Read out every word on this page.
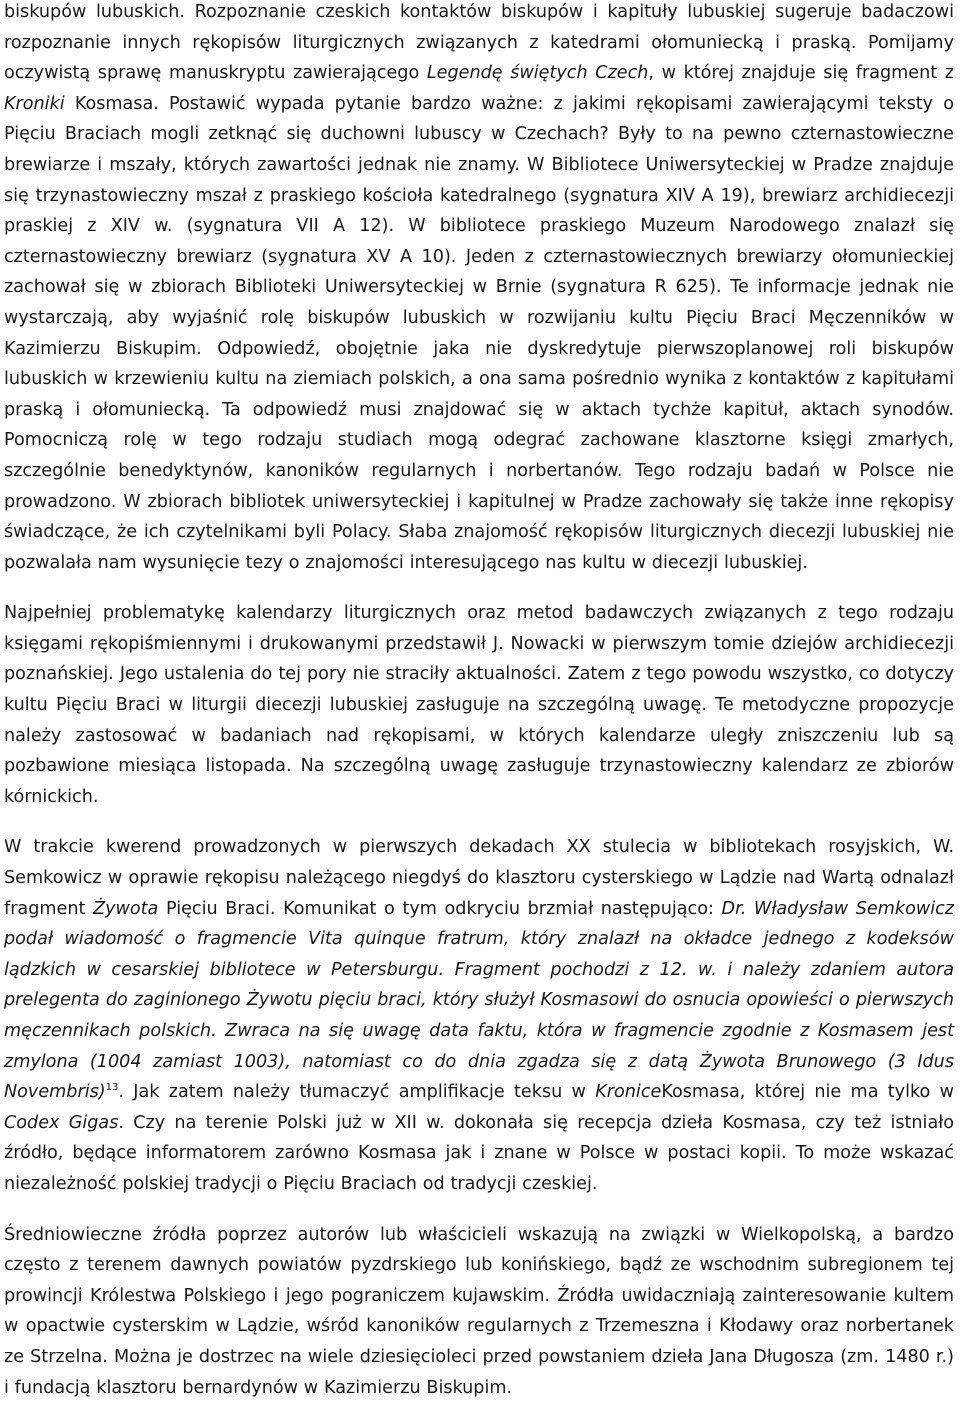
biskupów lubuskich. Rozpoznanie czeskich kontaktów biskupów i kapituły lubuskiej sugeruje badaczowi rozpoznanie innych rękopisów liturgicznych związanych z katedrami ołomuniecką i praską. Pomijamy oczywistą sprawę manuskryptu zawierającego Legendę świętych Czech, w której znajduje się fragment z Kroniki Kosmasa. Postawić wypada pytanie bardzo ważne: z jakimi rękopisami zawierającymi teksty o Pięciu Braciach mogli zetknąć się duchowni lubuscy w Czechach? Były to na pewno czternastowieczne brewiarze i mszały, których zawartości jednak nie znamy. W Bibliotece Uniwersyteckiej w Pradze znajduje się trzynastowieczny mszał z praskiego kościoła katedralnego (sygnatura XIV A 19), brewiarz archidiecezji praskiej z XIV w. (sygnatura VII A 12). W bibliotece praskiego Muzeum Narodowego znalazł się czternastowieczny brewiarz (sygnatura XV A 10). Jeden z czternastowiecznych brewiarzy ołomunieckiej zachował się w zbiorach Biblioteki Uniwersyteckiej w Brnie (sygnatura R 625). Te informacje jednak nie wystarczają, aby wyjaśnić rolę biskupów lubuskich w rozwijaniu kultu Pięciu Braci Męczenników w Kazimierzu Biskupim. Odpowiedź, obojętnie jaka nie dyskredytuje pierwszoplanowej roli biskupów lubuskich w krzewieniu kultu na ziemiach polskich, a ona sama pośrednio wynika z kontaktów z kapitułami praską i ołomuniecką. Ta odpowiedź musi znajdować się w aktach tychże kapituł, aktach synodów. Pomocniczą rolę w tego rodzaju studiach mogą odegrać zachowane klasztorne księgi zmarłych, szczególnie benedyktynów, kanoników regularnych i norbertanów. Tego rodzaju badań w Polsce nie prowadzono. W zbiorach bibliotek uniwersyteckiej i kapitulnej w Pradze zachowały się także inne rękopisy świadczące, że ich czytelnikami byli Polacy. Słaba znajomość rękopisów liturgicznych diecezji lubuskiej nie pozwalała nam wysunięcie tezy o znajomości interesującego nas kultu w diecezji lubuskiej.

Najpełniej problematykę kalendarzy liturgicznych oraz metod badawczych związanych z tego rodzaju księgami rękopiśmiennymi i drukowanymi przedstawił J. Nowacki w pierwszym tomie dziejów archidiecezji poznańskiej. Jego ustalenia do tej pory nie straciły aktualności. Zatem z tego powodu wszystko, co dotyczy kultu Pięciu Braci w liturgii diecezji lubuskiej zasługuje na szczególną uwagę. Te metodyczne propozycje należy zastosować w badaniach nad rękopisami, w których kalendarze uległy zniszczeniu lub są pozbawione miesiąca listopada. Na szczególną uwagę zasługuje trzynastowieczny kalendarz ze zbiorów kórnickich.

W trakcie kwerend prowadzonych w pierwszych dekadach XX stulecia w bibliotekach rosyjskich, W. Semkowicz w oprawie rękopisu należącego niegdyś do klasztoru cysterskiego w Lądzie nad Wartą odnalazł fragment Żywota Pięciu Braci. Komunikat o tym odkryciu brzmiał następująco: Dr. Władysław Semkowicz podał wiadomość o fragmencie Vita quinque fratrum, który znalazł na okładce jednego z kodeksów lądzkich w cesarskiej bibliotece w Petersburgu. Fragment pochodzi z 12. w. i należy zdaniem autora prelegenta do zaginionego Żywotu pięciu braci, który służył Kosmasowi do osnucia opowieści o pierwszych męczennikach polskich. Zwraca na się uwagę data faktu, która w fragmencie zgodnie z Kosmasem jest zmylona (1004 zamiast 1003), natomiast co do dnia zgadza się z datą Żywota Brunowego (3 Idus Novembris)$^{13}$. Jak zatem należy tłumaczyć amplifikacje teksu w KroniceKosmasa, której nie ma tylko w Codex Gigas. Czy na terenie Polski już w XII w. dokonała się recepcja dzieła Kosmasa, czy też istniało źródło, będące informatorem zarówno Kosmasa jak i znane w Polsce w postaci kopii. To może wskazać niezależność polskiej tradycji o Pięciu Braciach od tradycji czeskiej.

Średniowieczne źródła poprzez autorów lub właścicieli wskazują na związki w Wielkopolską, a bardzo często z terenem dawnych powiatów pyzdrskiego lub konińskiego, bądź ze wschodnim subregionem tej prowincji Królestwa Polskiego i jego pograniczem kujawskim. Źródła uwidaczniają zainteresowanie kultem w opactwie cysterskim w Lądzie, wśród kanoników regularnych z Trzemeszna i Kłodawy oraz norbertanek ze Strzelna. Można je dostrzec na wiele dziesięcioleci przed powstaniem dzieła Jana Długosza (zm. 1480 r.) i fundacją klasztoru bernardynów w Kazimierzu Biskupim.
